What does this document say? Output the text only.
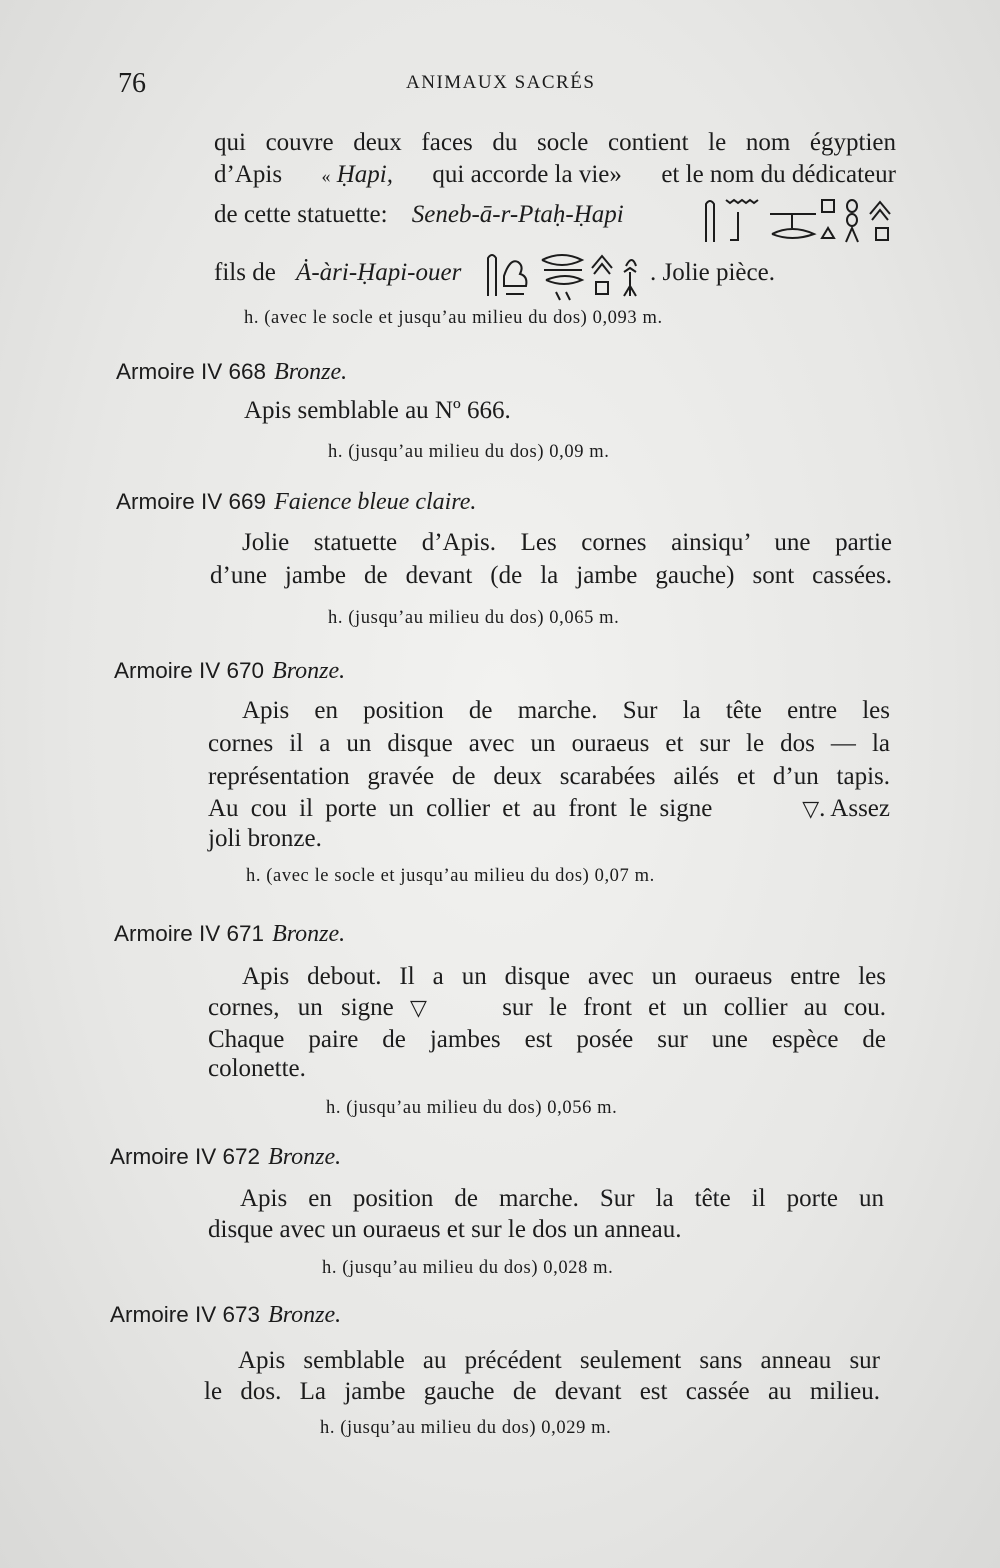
76	ANIMAUX SACRÉS
qui couvre deux faces du socle contient le nom égyptien
d’Apis « Ḥapi, qui accorde la vie» et le nom du dédicateur
de cette statuette: Seneb-ā-r-Ptaḥ-Ḥapi
fils de Ȧ-àri-Ḥapi-ouer	. Jolie pièce.
h. (avec le socle et jusqu’au milieu du dos) 0,093 m.
Armoire IV 668 Bronze.
Apis semblable au Nº 666.
h. (jusqu’au milieu du dos) 0,09 m.
Armoire IV 669 Faience bleue claire.
Jolie statuette d’Apis. Les cornes ainsiqu’ une partie
d’une jambe de devant (de la jambe gauche) sont cassées.
h. (jusqu’au milieu du dos) 0,065 m.
Armoire IV 670 Bronze.
Apis en position de marche. Sur la tête entre les
cornes il a un disque avec un ouraeus et sur le dos — la
représentation gravée de deux scarabées ailés et d’un tapis.
Au cou il porte un collier et au front le signe	▽. Assez
joli bronze.
h. (avec le socle et jusqu’au milieu du dos) 0,07 m.
Armoire IV 671 Bronze.
Apis debout. Il a un disque avec un ouraeus entre les
cornes, un signe ▽	sur le front et un collier au cou.
Chaque paire de jambes est posée sur une espèce de
colonette.
h. (jusqu’au milieu du dos) 0,056 m.
Armoire IV 672 Bronze.
Apis en position de marche. Sur la tête il porte un
disque avec un ouraeus et sur le dos un anneau.
h. (jusqu’au milieu du dos) 0,028 m.
Armoire IV 673 Bronze.
Apis semblable au précédent seulement sans anneau sur
le dos. La jambe gauche de devant est cassée au milieu.
h. (jusqu’au milieu du dos) 0,029 m.
